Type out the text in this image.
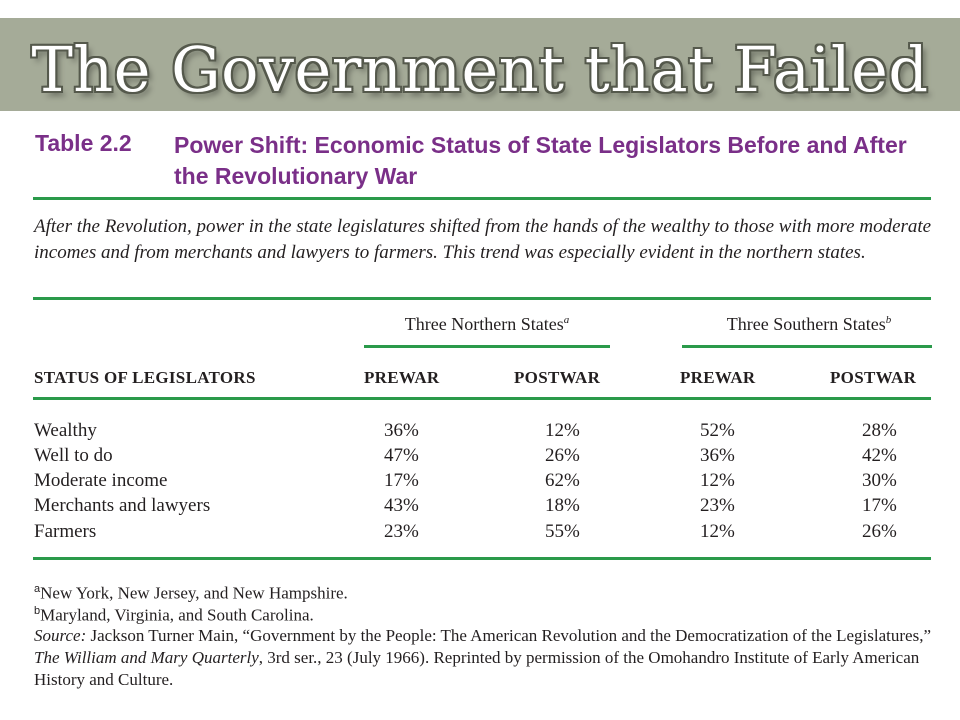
The Government that Failed
Table 2.2 Power Shift: Economic Status of State Legislators Before and After the Revolutionary War
After the Revolution, power in the state legislatures shifted from the hands of the wealthy to those with more moderate incomes and from merchants and lawyers to farmers. This trend was especially evident in the northern states.
Three Northern States$^a$	Three Southern States$^b$
STATUS OF LEGISLATORS	PREWAR	POSTWAR	PREWAR	POSTWAR
Wealthy	36%	12%	52%	28%
Well to do	47%	26%	36%	42%
Moderate income	17%	62%	12%	30%
Merchants and lawyers	43%	18%	23%	17%
Farmers	23%	55%	12%	26%
$^a$New York, New Jersey, and New Hampshire.
$^b$Maryland, Virginia, and South Carolina.
Source: Jackson Turner Main, “Government by the People: The American Revolution and the Democratization of the Legislatures,” The William and Mary Quarterly, 3rd ser., 23 (July 1966). Reprinted by permission of the Omohandro Institute of Early American History and Culture.
